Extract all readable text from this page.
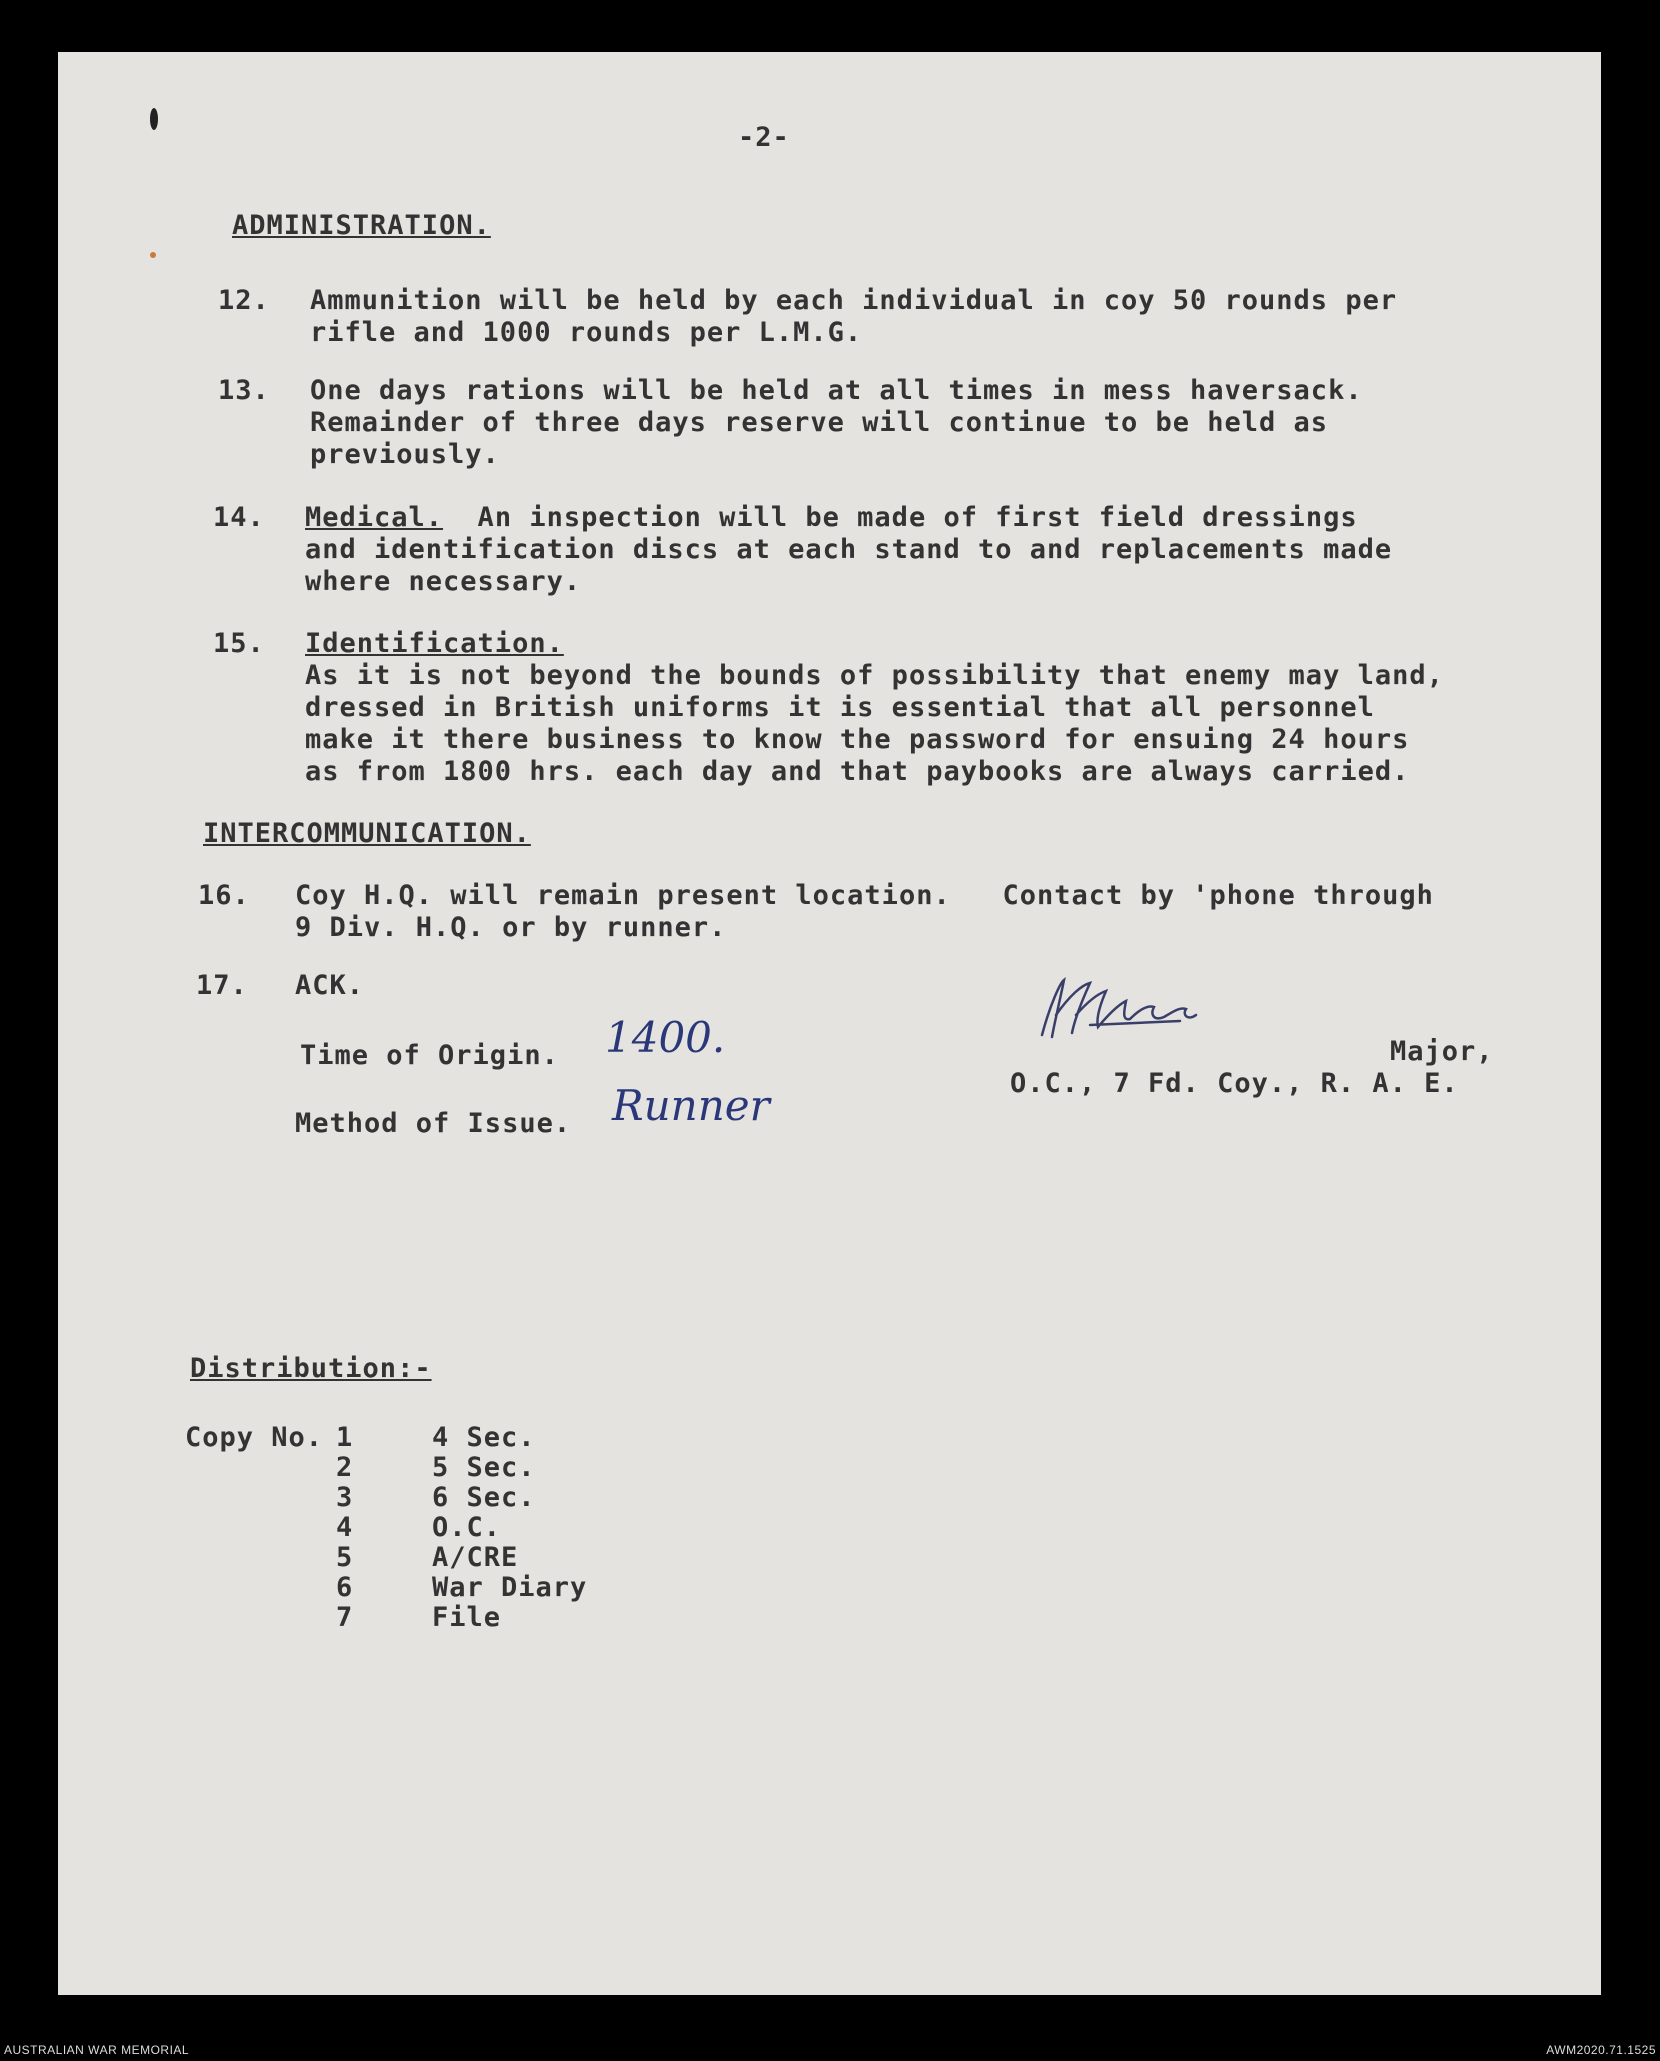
-2-
ADMINISTRATION.
12. Ammunition will be held by each individual in coy 50 rounds per
rifle and 1000 rounds per L.M.G.
13. One days rations will be held at all times in mess haversack.
Remainder of three days reserve will continue to be held as
previously.
14. Medical.  An inspection will be made of first field dressings
and identification discs at each stand to and replacements made
where necessary.
15. Identification.
As it is not beyond the bounds of possibility that enemy may land,
dressed in British uniforms it is essential that all personnel
make it there business to know the password for ensuing 24 hours
as from 1800 hrs. each day and that paybooks are always carried.
INTERCOMMUNICATION.
16. Coy H.Q. will remain present location.   Contact by 'phone through
9 Div. H.Q. or by runner.
17. ACK.
Time of Origin. 1400.
Method of Issue. Runner
Major,
O.C., 7 Fd. Coy., R. A. E.
Distribution:-
Copy No. 1	4 Sec.
2	5 Sec.
3	6 Sec.
4	O.C.
5	A/CRE
6	War Diary
7	File
AUSTRALIAN WAR MEMORIAL	AWM2020.71.1525
